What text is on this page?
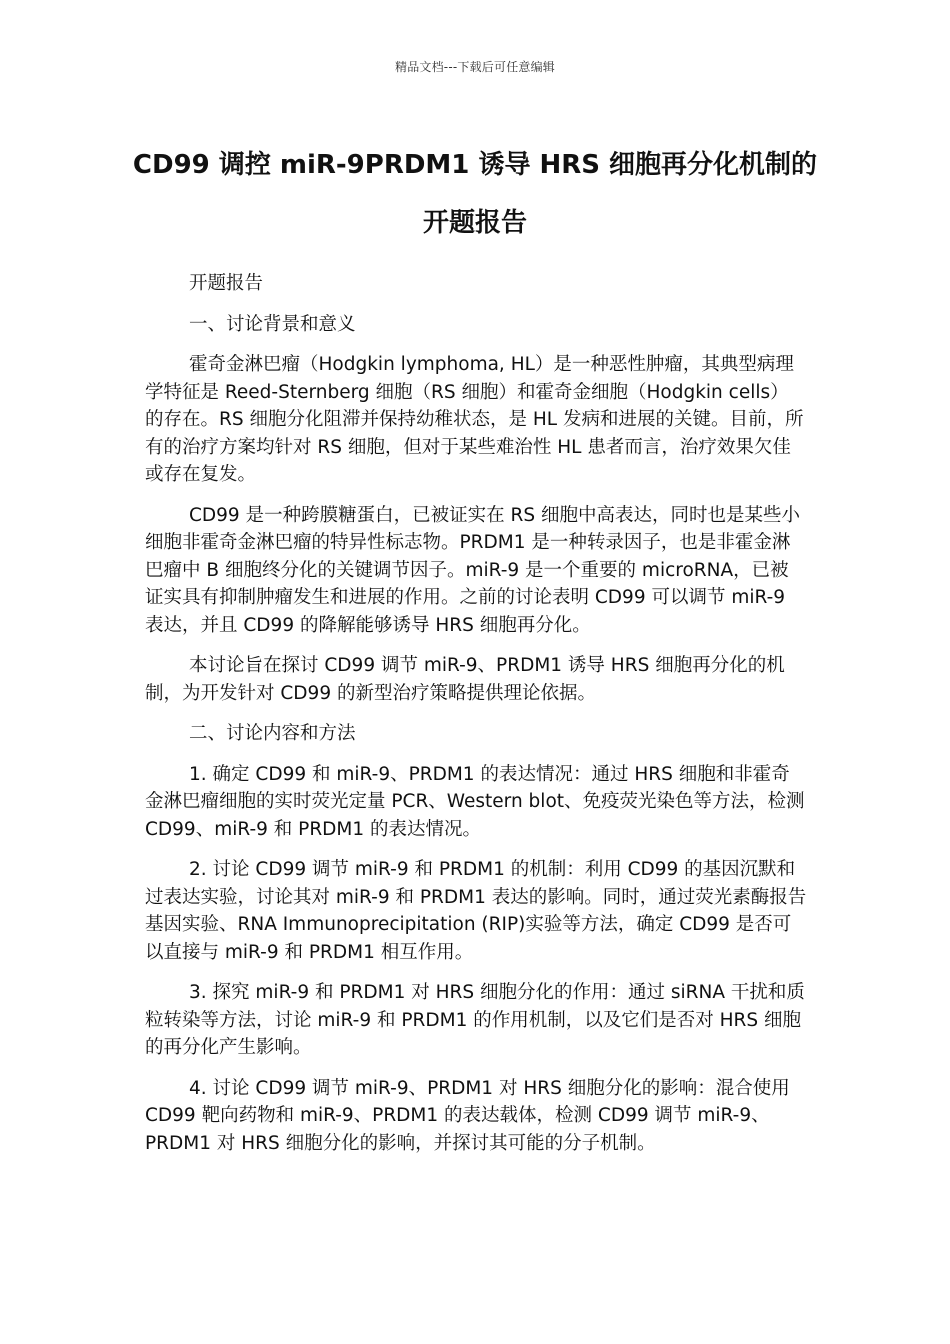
精品文档---下载后可任意编辑
CD99 调控 miR-9PRDM1 诱导 HRS 细胞再分化机制的开题报告

开题报告

一、讨论背景和意义

霍奇金淋巴瘤（Hodgkin lymphoma, HL）是一种恶性肿瘤，其典型病理学特征是 Reed-Sternberg 细胞（RS 细胞）和霍奇金细胞（Hodgkin cells）的存在。RS 细胞分化阻滞并保持幼稚状态，是 HL 发病和进展的关键。目前，所有的治疗方案均针对 RS 细胞，但对于某些难治性 HL 患者而言，治疗效果欠佳或存在复发。

CD99 是一种跨膜糖蛋白，已被证实在 RS 细胞中高表达，同时也是某些小细胞非霍奇金淋巴瘤的特异性标志物。PRDM1 是一种转录因子，也是非霍金淋巴瘤中 B 细胞终分化的关键调节因子。miR-9 是一个重要的 microRNA，已被证实具有抑制肿瘤发生和进展的作用。之前的讨论表明 CD99 可以调节 miR-9 表达，并且 CD99 的降解能够诱导 HRS 细胞再分化。

本讨论旨在探讨 CD99 调节 miR-9、PRDM1 诱导 HRS 细胞再分化的机制，为开发针对 CD99 的新型治疗策略提供理论依据。

二、讨论内容和方法

1. 确定 CD99 和 miR-9、PRDM1 的表达情况：通过 HRS 细胞和非霍奇金淋巴瘤细胞的实时荧光定量 PCR、Western blot、免疫荧光染色等方法，检测 CD99、miR-9 和 PRDM1 的表达情况。

2. 讨论 CD99 调节 miR-9 和 PRDM1 的机制：利用 CD99 的基因沉默和过表达实验，讨论其对 miR-9 和 PRDM1 表达的影响。同时，通过荧光素酶报告基因实验、RNA Immunoprecipitation (RIP)实验等方法，确定 CD99 是否可以直接与 miR-9 和 PRDM1 相互作用。

3. 探究 miR-9 和 PRDM1 对 HRS 细胞分化的作用：通过 siRNA 干扰和质粒转染等方法，讨论 miR-9 和 PRDM1 的作用机制，以及它们是否对 HRS 细胞的再分化产生影响。

4. 讨论 CD99 调节 miR-9、PRDM1 对 HRS 细胞分化的影响：混合使用 CD99 靶向药物和 miR-9、PRDM1 的表达载体，检测 CD99 调节 miR-9、PRDM1 对 HRS 细胞分化的影响，并探讨其可能的分子机制。
